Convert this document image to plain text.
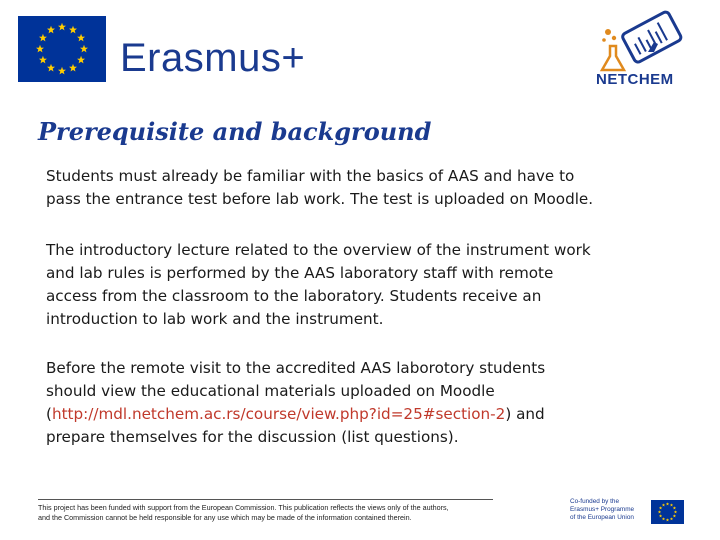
Erasmus+	NETCHEM
Prerequisite and background

Students must already be familiar with the basics of AAS and have to
pass the entrance test before lab work. The test is uploaded on Moodle.

The introductory lecture related to the overview of the instrument work
and lab rules is performed by the AAS laboratory staff with remote
access from the classroom to the laboratory. Students receive an
introduction to lab work and the instrument.

Before the remote visit to the accredited AAS laborotory students
should view the educational materials uploaded on Moodle
(http://mdl.netchem.ac.rs/course/view.php?id=25#section-2) and
prepare themselves for the discussion (list questions).

This project has been funded with support from the European Commission. This publication reflects the views only of the authors,
and the Commission cannot be held responsible for any use which may be made of the information contained therein.

Co-funded by the
Erasmus+ Programme
of the European Union
